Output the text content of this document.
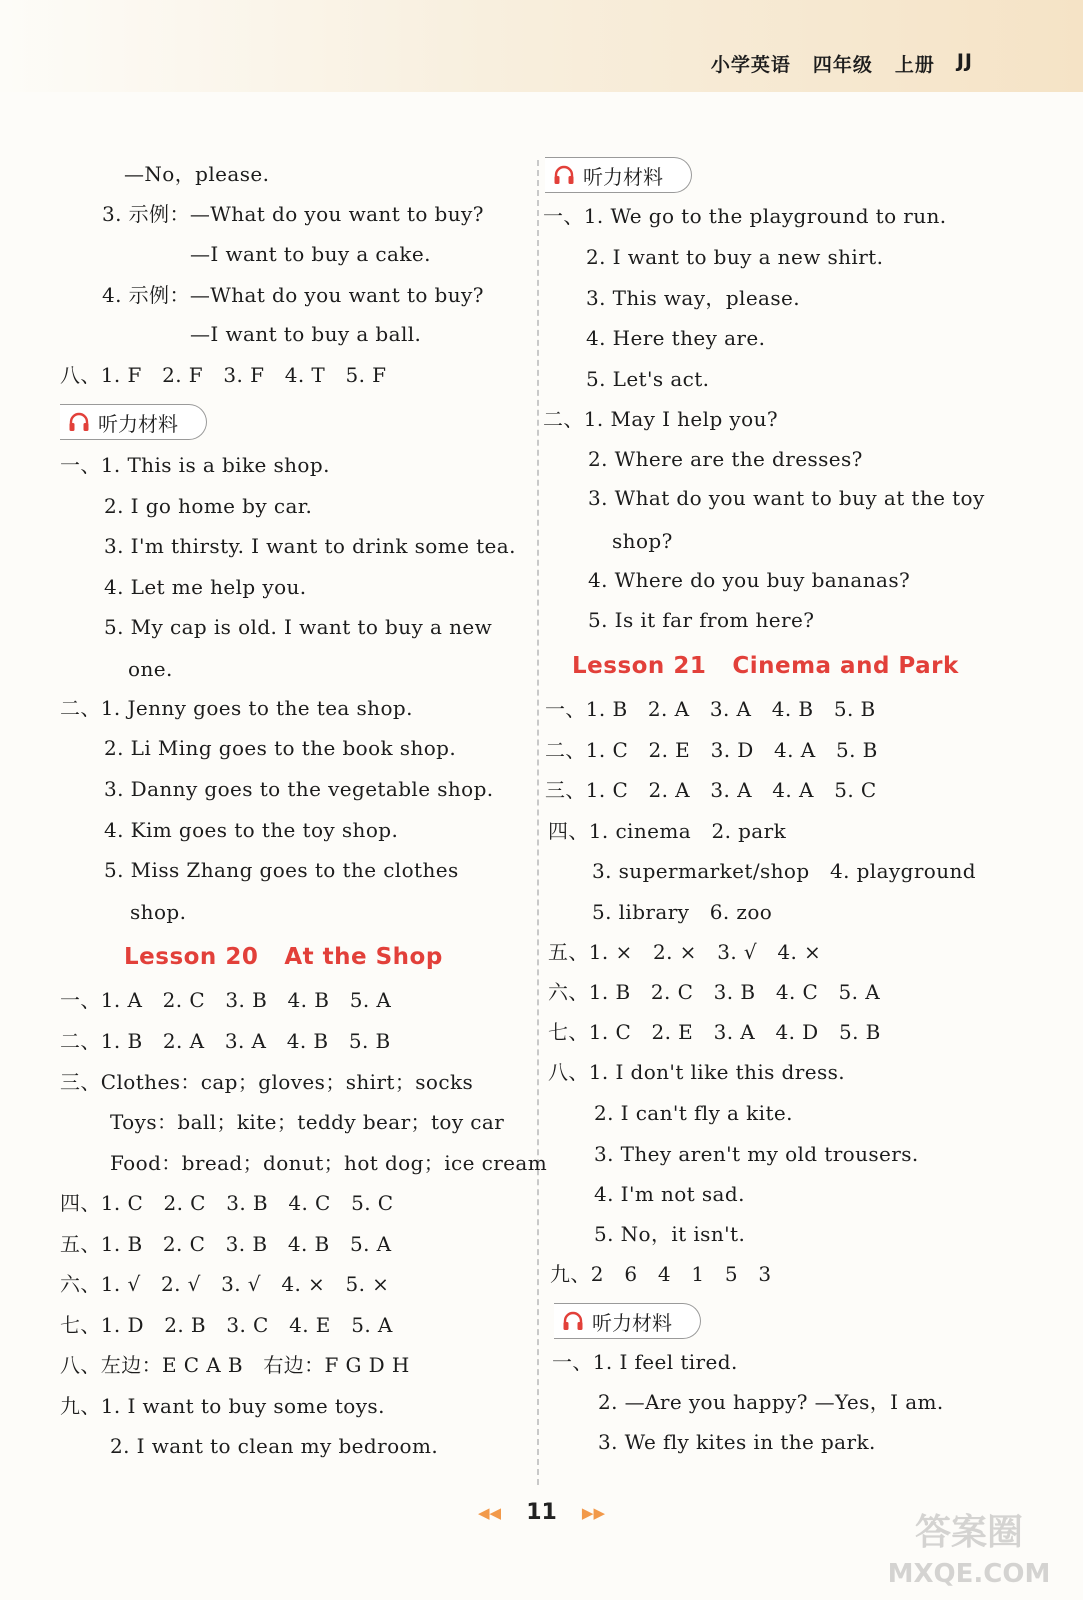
小学英语 四年级 上册 JJ
—No，please.
3. 示例：—What do you want to buy?
—I want to buy a cake.
4. 示例：—What do you want to buy?
—I want to buy a ball.
八、1. F　2. F　3. F　4. T　5. F
听力材料
一、1. This is a bike shop.
2. I go home by car.
3. I'm thirsty. I want to drink some tea.
4. Let me help you.
5. My cap is old. I want to buy a new
one.
二、1. Jenny goes to the tea shop.
2. Li Ming goes to the book shop.
3. Danny goes to the vegetable shop.
4. Kim goes to the toy shop.
5. Miss Zhang goes to the clothes
shop.
Lesson 20 At the Shop
一、1. A　2. C　3. B　4. B　5. A
二、1. B　2. A　3. A　4. B　5. B
三、Clothes：cap；gloves；shirt；socks
Toys：ball；kite；teddy bear；toy car
Food：bread；donut；hot dog；ice cream
四、1. C　2. C　3. B　4. C　5. C
五、1. B　2. C　3. B　4. B　5. A
六、1. √　2. √　3. √　4. ×　5. ×
七、1. D　2. B　3. C　4. E　5. A
八、左边：E C A B　右边：F G D H
九、1. I want to buy some toys.
2. I want to clean my bedroom.
听力材料
一、1. We go to the playground to run.
2. I want to buy a new shirt.
3. This way，please.
4. Here they are.
5. Let's act.
二、1. May I help you?
2. Where are the dresses?
3. What do you want to buy at the toy
shop?
4. Where do you buy bananas?
5. Is it far from here?
Lesson 21 Cinema and Park
一、1. B　2. A　3. A　4. B　5. B
二、1. C　2. E　3. D　4. A　5. B
三、1. C　2. A　3. A　4. A　5. C
四、1. cinema　2. park
3. supermarket/shop　4. playground
5. library　6. zoo
五、1. ×　2. ×　3. √　4. ×
六、1. B　2. C　3. B　4. C　5. A
七、1. C　2. E　3. A　4. D　5. B
八、1. I don't like this dress.
2. I can't fly a kite.
3. They aren't my old trousers.
4. I'm not sad.
5. No，it isn't.
九、2　6　4　1　5　3
听力材料
一、1. I feel tired.
2. —Are you happy? —Yes，I am.
3. We fly kites in the park.
◀◀ 11 ▶▶	答案圈
MXQE.COM
